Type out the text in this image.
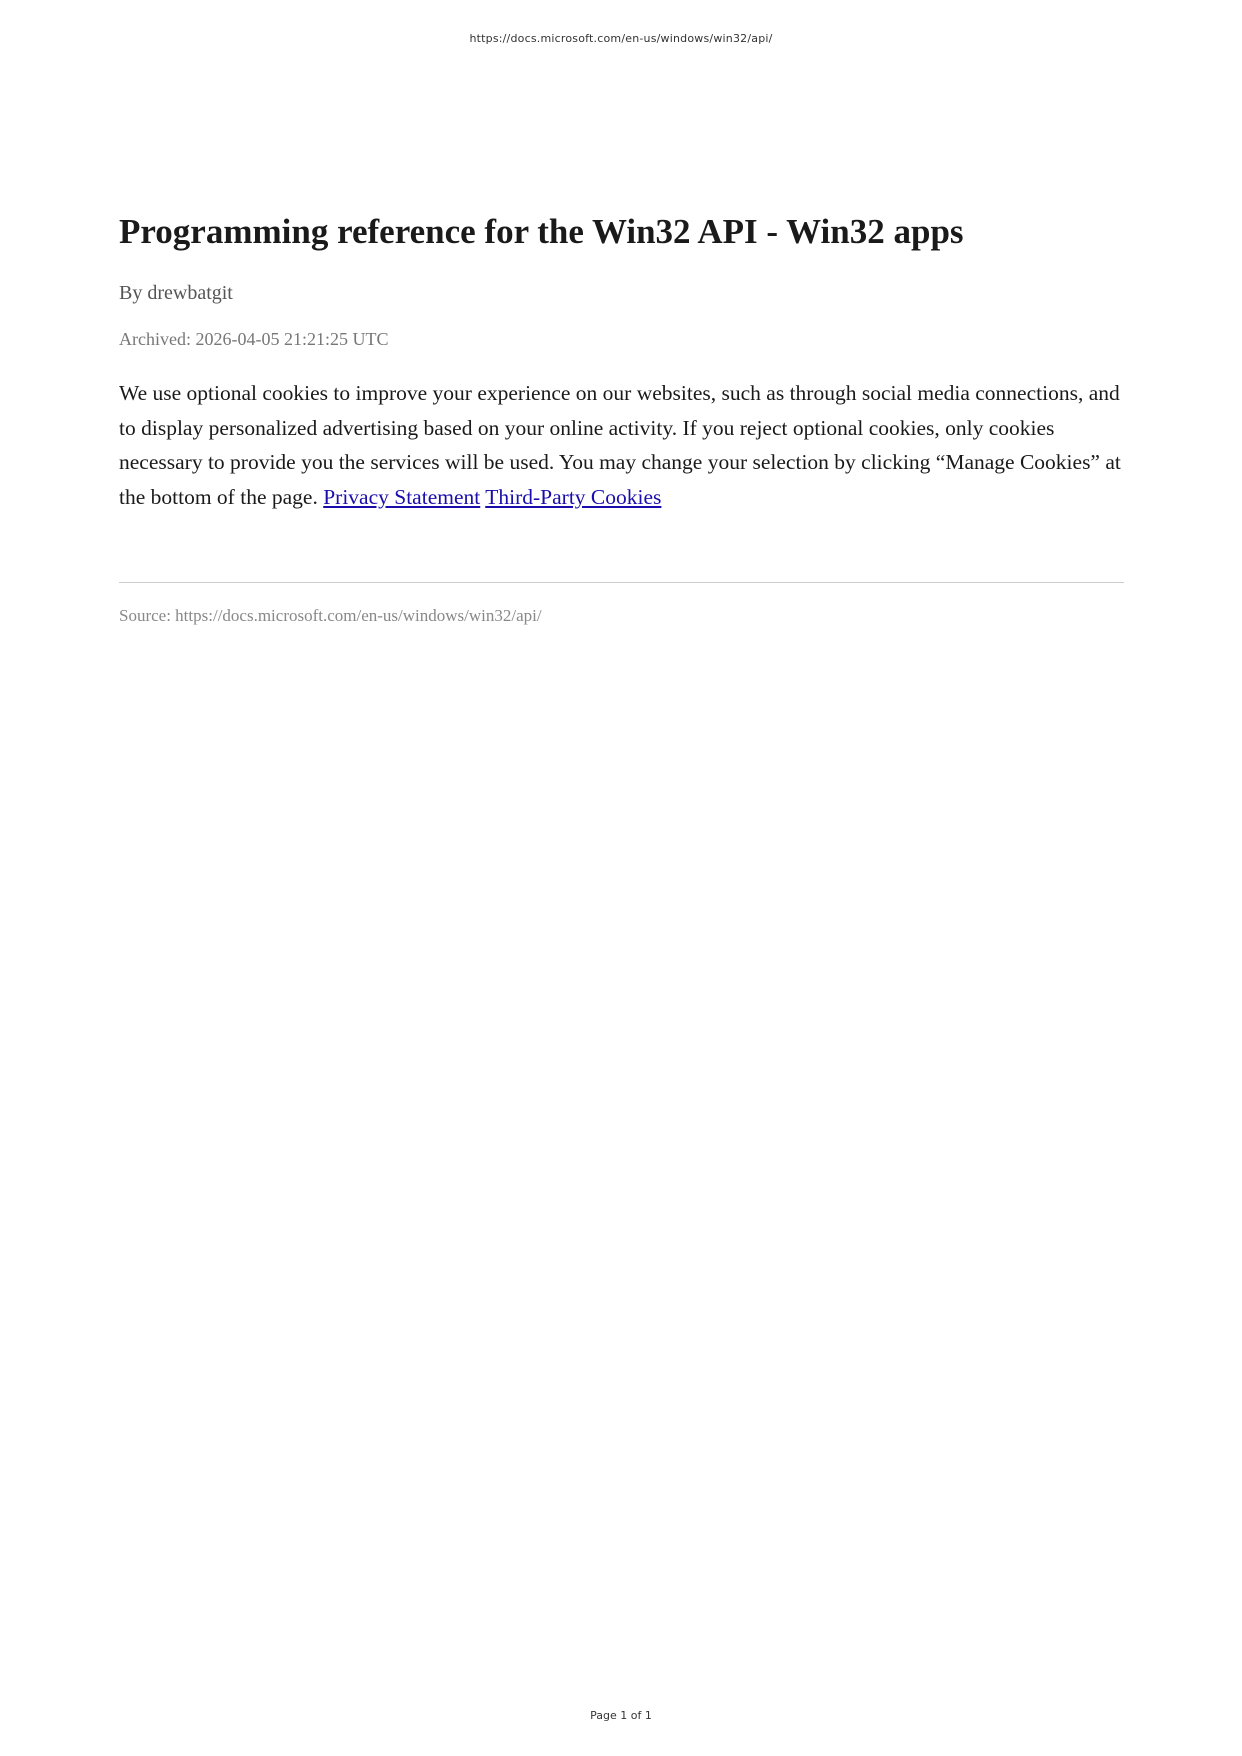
https://docs.microsoft.com/en-us/windows/win32/api/
Programming reference for the Win32 API - Win32 apps
By drewbatgit
Archived: 2026-04-05 21:21:25 UTC

We use optional cookies to improve your experience on our websites, such as through social media connections, and to display personalized advertising based on your online activity. If you reject optional cookies, only cookies necessary to provide you the services will be used. You may change your selection by clicking “Manage Cookies” at the bottom of the page. Privacy Statement Third-Party Cookies

Source: https://docs.microsoft.com/en-us/windows/win32/api/
Page 1 of 1
